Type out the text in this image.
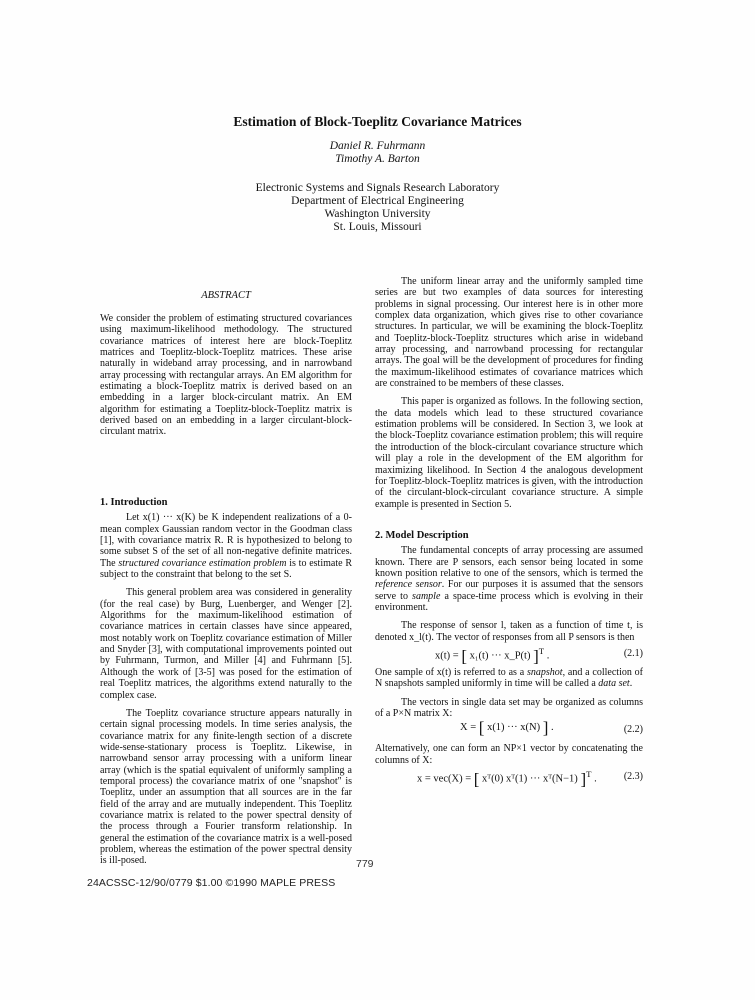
Estimation of Block-Toeplitz Covariance Matrices
Daniel R. Fuhrmann
Timothy A. Barton
Electronic Systems and Signals Research Laboratory
Department of Electrical Engineering
Washington University
St. Louis, Missouri
ABSTRACT

We consider the problem of estimating structured covariances using maximum-likelihood methodology. The structured covariance matrices of interest here are block-Toeplitz matrices and Toeplitz-block-Toeplitz matrices. These arise naturally in wideband array processing, and in narrowband array processing with rectangular arrays. An EM algorithm for estimating a block-Toeplitz matrix is derived based on an embedding in a larger block-circulant matrix. An EM algorithm for estimating a Toeplitz-block-Toeplitz matrix is derived based on an embedding in a larger circulant-block-circulant matrix.

1. Introduction

Let x(1) ··· x(K) be K independent realizations of a 0-mean complex Gaussian random vector in the Goodman class [1], with covariance matrix R. R is hypothesized to belong to some subset S of the set of all non-negative definite matrices. The structured covariance estimation problem is to estimate R subject to the constraint that belong to the set S.

This general problem area was considered in generality (for the real case) by Burg, Luenberger, and Wenger [2]. Algorithms for the maximum-likelihood estimation of covariance matrices in certain classes have since appeared, most notably work on Toeplitz covariance estimation of Miller and Snyder [3], with computational improvements pointed out by Fuhrmann, Turmon, and Miller [4] and Fuhrmann [5]. Although the work of [3-5] was posed for the estimation of real Toeplitz matrices, the algorithms extend naturally to the complex case.

The Toeplitz covariance structure appears naturally in certain signal processing models. In time series analysis, the covariance matrix for any finite-length section of a discrete wide-sense-stationary process is Toeplitz. Likewise, in narrowband sensor array processing with a uniform linear array (which is the spatial equivalent of uniformly sampling a temporal process) the covariance matrix of one "snapshot" is Toeplitz, under an assumption that all sources are in the far field of the array and are mutually independent. This Toeplitz covariance matrix is related to the power spectral density of the process through a Fourier transform relationship. In general the estimation of the covariance matrix is a well-posed problem, whereas the estimation of the power spectral density is ill-posed.

The uniform linear array and the uniformly sampled time series are but two examples of data sources for interesting problems in signal processing. Our interest here is in other more complex data organization, which gives rise to other covariance structures. In particular, we will be examining the block-Toeplitz and Toeplitz-block-Toeplitz structures which arise in wideband array processing, and narrowband processing for rectangular arrays. The goal will be the development of procedures for finding the maximum-likelihood estimates of covariance matrices which are constrained to be members of these classes.

This paper is organized as follows. In the following section, the data models which lead to these structured covariance estimation problems will be considered. In Section 3, we look at the block-Toeplitz covariance estimation problem; this will require the introduction of the block-circulant covariance structure which will play a role in the development of the EM algorithm for maximizing likelihood. In Section 4 the analogous development for Toeplitz-block-Toeplitz matrices is given, with the introduction of the circulant-block-circulant covariance structure. A simple example is presented in Section 5.

2. Model Description

The fundamental concepts of array processing are assumed known. There are P sensors, each sensor being located in some known position relative to one of the sensors, which is termed the reference sensor. For our purposes it is assumed that the sensors serve to sample a space-time process which is evolving in their environment.

The response of sensor l, taken as a function of time t, is denoted x_l(t). The vector of responses from all P sensors is then

x(t) = [ x₁(t) ··· x_P(t) ]$^T$ .	(2.1)

One sample of x(t) is referred to as a snapshot, and a collection of N snapshots sampled uniformly in time will be called a data set.

The vectors in single data set may be organized as columns of a P×N matrix X:

X = [ x(1) ··· x(N) ] .	(2.2)

Alternatively, one can form an NP×1 vector by concatenating the columns of X:

x = vec(X) = [ xᵀ(0) xᵀ(1) ··· xᵀ(N−1) ]$^T$ .	(2.3)
779
24ACSSC-12/90/0779 $1.00 ©1990 MAPLE PRESS
